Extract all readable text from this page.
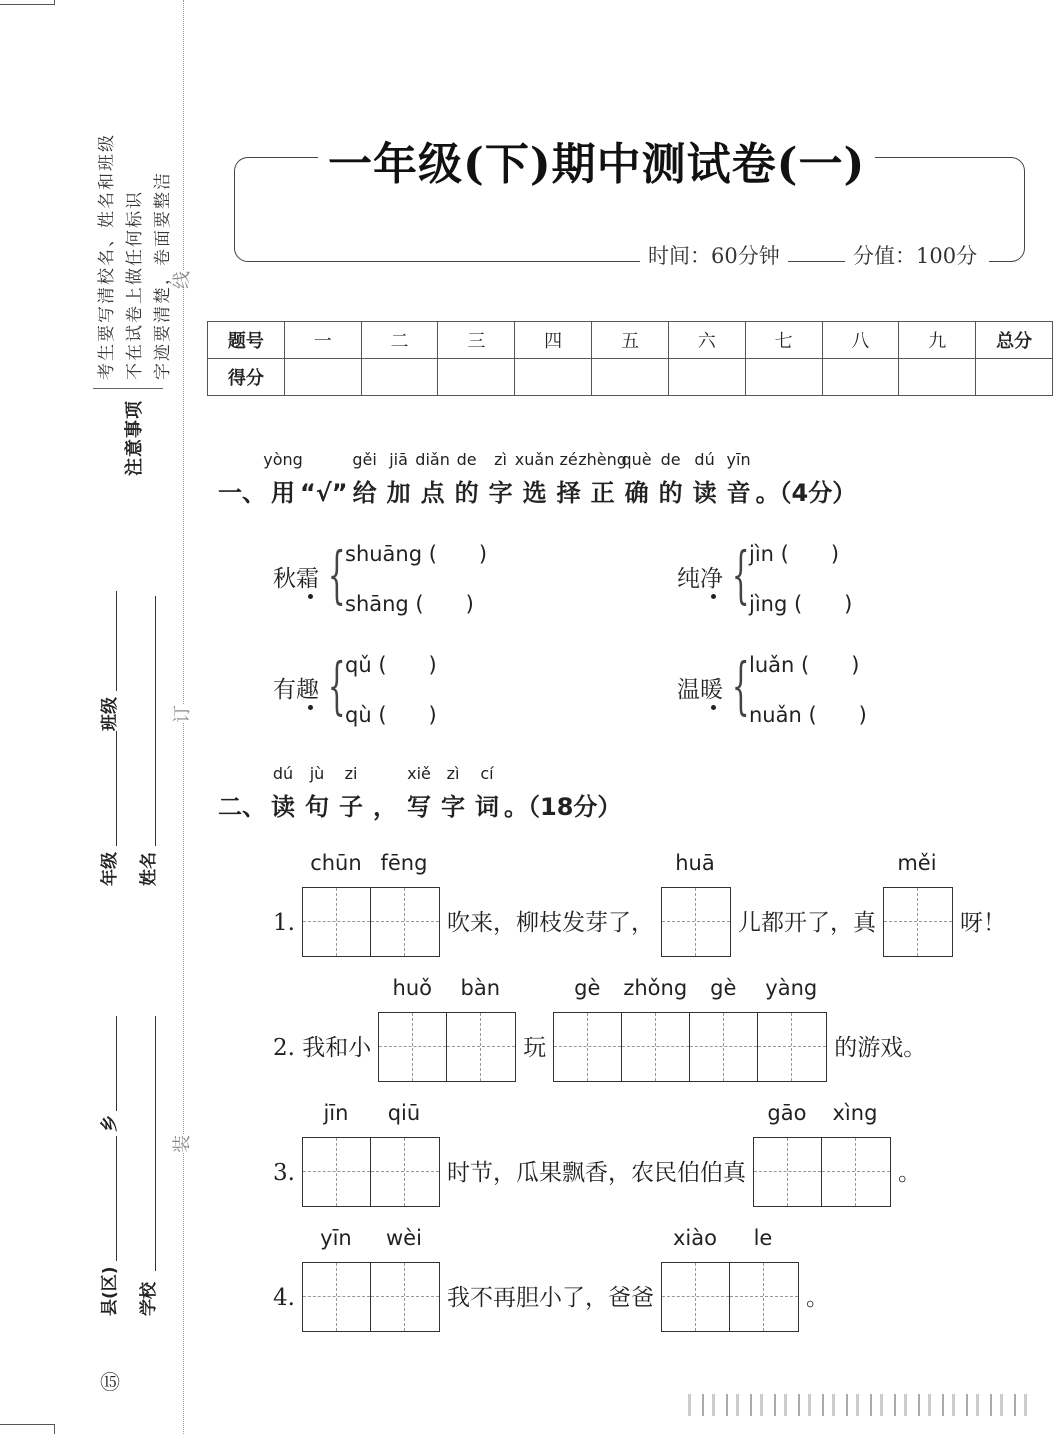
考生要写清校名、姓名和班级 不在试卷上做任何标识 字迹要清楚，卷面要整洁
注意事项
县(区)
乡
年级
班级
学校
姓名
⑮
线
订
装
一年级(下)期中测试卷(一)
时间：60分钟	分值：100分
题号	一	二	三	四	五	六	七	八	九	总分
得分										
一、
yòng
用 “√”
gěi
给
jiā
加
diǎn
点
de
的
zì
字
xuǎn
选
zé
择
zhèng
正
què
确
de
的
dú
读
yīn
音 。（4分）
二、
dú
读
jù
句
zi
子 ，
xiě
写
zì
字
cí
词 。（18分）
秋霜 { shuāng (　　)
shāng (　　)
纯净 { jìn (　　)
jìng (　　)
有趣 { qǔ (　　)
qù (　　)
温暖 { luǎn (　　)
nuǎn (　　)
1.
chūn fēng
吹来，柳枝发芽了，
huā
儿都开了，真
měi
呀！
2. 我和小
huǒ	bàn
玩
gè	zhǒng	gè	yàng
的游戏。
3.
jīn	qiū
时节，瓜果飘香，农民伯伯真
gāo	xìng
。
4.
yīn	wèi
我不再胆小了，爸爸
xiào	le
。
